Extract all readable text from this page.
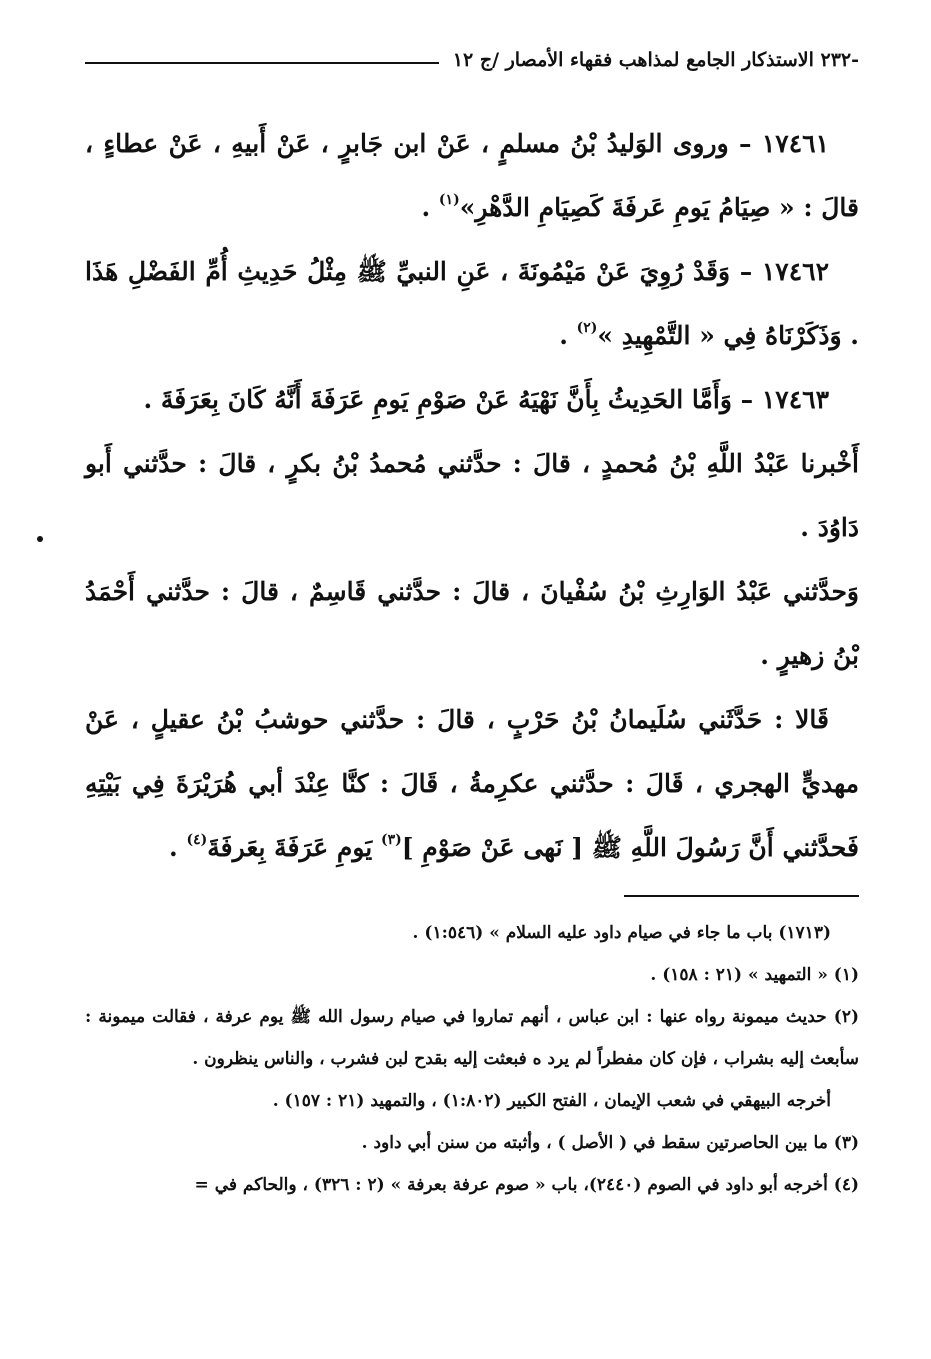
-٢٣٢ الاستذكار الجامع لمذاهب فقهاء الأمصار /ج ١٢

١٧٤٦١ – وروى الوَليدُ بْنُ مسلمٍ ، عَنْ ابن جَابرٍ ، عَنْ أَبيهِ ، عَنْ عطاءٍ ، قالَ : « صِيَامُ يَومِ عَرفَةَ كَصِيَامِ الدَّهْرِ»$^{(١)}$ .

١٧٤٦٢ – وَقَدْ رُوِيَ عَنْ مَيْمُونَةَ ، عَنِ النبيِّ ﷺ مِثْلُ حَدِيثِ أُمِّ الفَضْلِ هَذَا . وَذَكَرْنَاهُ فِي « التَّمْهِيدِ »$^{(٢)}$ .

١٧٤٦٣ – وَأَمَّا الحَدِيثُ بِأَنَّ نَهْيَهُ عَنْ صَوْمِ يَومِ عَرَفَةَ أَنَّهُ كَانَ بِعَرَفَةَ .

أَخْبرنا عَبْدُ اللَّهِ بْنُ مُحمدٍ ، قالَ : حدَّثني مُحمدُ بْنُ بكرٍ ، قالَ : حدَّثني أَبو دَاوُدَ .

وَحدَّثني عَبْدُ الوَارِثِ بْنُ سُفْيانَ ، قالَ : حدَّثني قَاسِمٌ ، قالَ : حدَّثني أَحْمَدُ بْنُ زهيرٍ .

قَالا : حَدَّثَني سُلَيمانُ بْنُ حَرْبٍ ، قالَ : حدَّثني حوشبُ بْنُ عقيلٍ ، عَنْ مهديٍّ الهجري ، قَالَ : حدَّثني عكرِمةُ ، قَالَ : كنَّا عِنْدَ أبي هُرَيْرَةَ فِي بَيْتِهِ فَحدَّثني أَنَّ رَسُولَ اللَّهِ ﷺ [ نَهى عَنْ صَوْمِ ]$^{(٣)}$ يَومِ عَرَفَةَ بِعَرفَةَ$^{(٤)}$ .

(١٧١٣) باب ما جاء في صيام داود عليه السلام » (١:٥٤٦) .

(١) « التمهيد » (٢١ : ١٥٨) .

(٢) حديث ميمونة رواه عنها : ابن عباس ، أنهم تماروا في صيام رسول الله ﷺ يوم عرفة ، فقالت ميمونة : سأبعث إليه بشراب ، فإن كان مفطراً لم يرد ه فبعثت إليه بقدح لبن فشرب ، والناس ينظرون .

أخرجه البيهقي في شعب الإيمان ، الفتح الكبير (١:٨٠٢) ، والتمهيد (٢١ : ١٥٧) .

(٣) ما بين الحاصرتين سقط في ( الأصل ) ، وأثبته من سنن أبي داود .

(٤) أخرجه أبو داود في الصوم (٢٤٤٠)، باب « صوم عرفة بعرفة » (٢ : ٣٢٦) ، والحاكم في =
